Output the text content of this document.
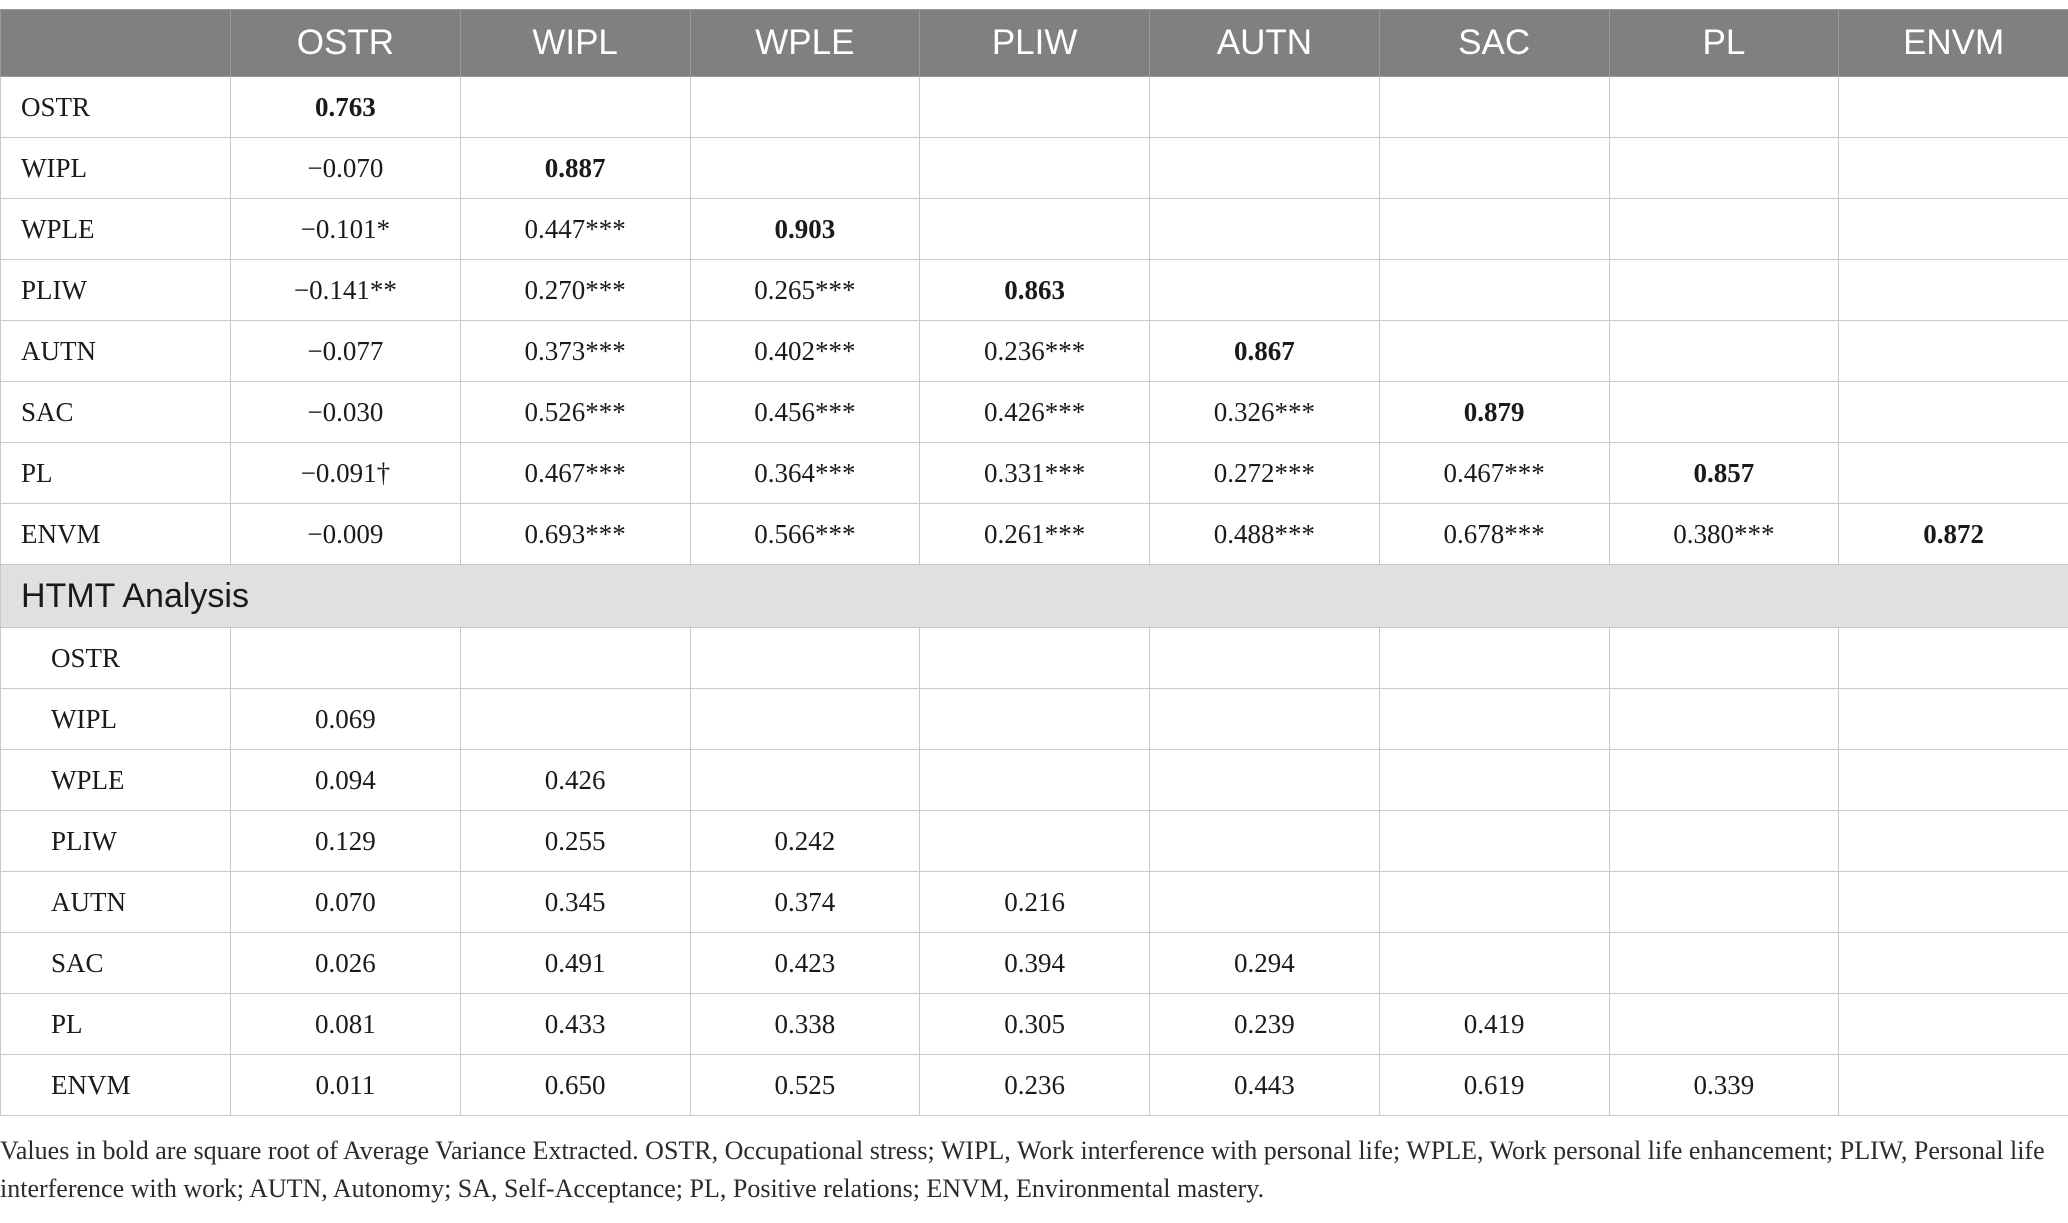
	OSTR	WIPL	WPLE	PLIW	AUTN	SAC	PL	ENVM
OSTR	0.763							
WIPL	−0.070	0.887						
WPLE	−0.101*	0.447***	0.903					
PLIW	−0.141**	0.270***	0.265***	0.863				
AUTN	−0.077	0.373***	0.402***	0.236***	0.867			
SAC	−0.030	0.526***	0.456***	0.426***	0.326***	0.879		
PL	−0.091†	0.467***	0.364***	0.331***	0.272***	0.467***	0.857	
ENVM	−0.009	0.693***	0.566***	0.261***	0.488***	0.678***	0.380***	0.872
HTMT Analysis								
OSTR								
WIPL	0.069							
WPLE	0.094	0.426						
PLIW	0.129	0.255	0.242					
AUTN	0.070	0.345	0.374	0.216				
SAC	0.026	0.491	0.423	0.394	0.294			
PL	0.081	0.433	0.338	0.305	0.239	0.419		
ENVM	0.011	0.650	0.525	0.236	0.443	0.619	0.339	
Values in bold are square root of Average Variance Extracted. OSTR, Occupational stress; WIPL, Work interference with personal life; WPLE, Work personal life enhancement; PLIW, Personal life interference with work; AUTN, Autonomy; SA, Self-Acceptance; PL, Positive relations; ENVM, Environmental mastery.
